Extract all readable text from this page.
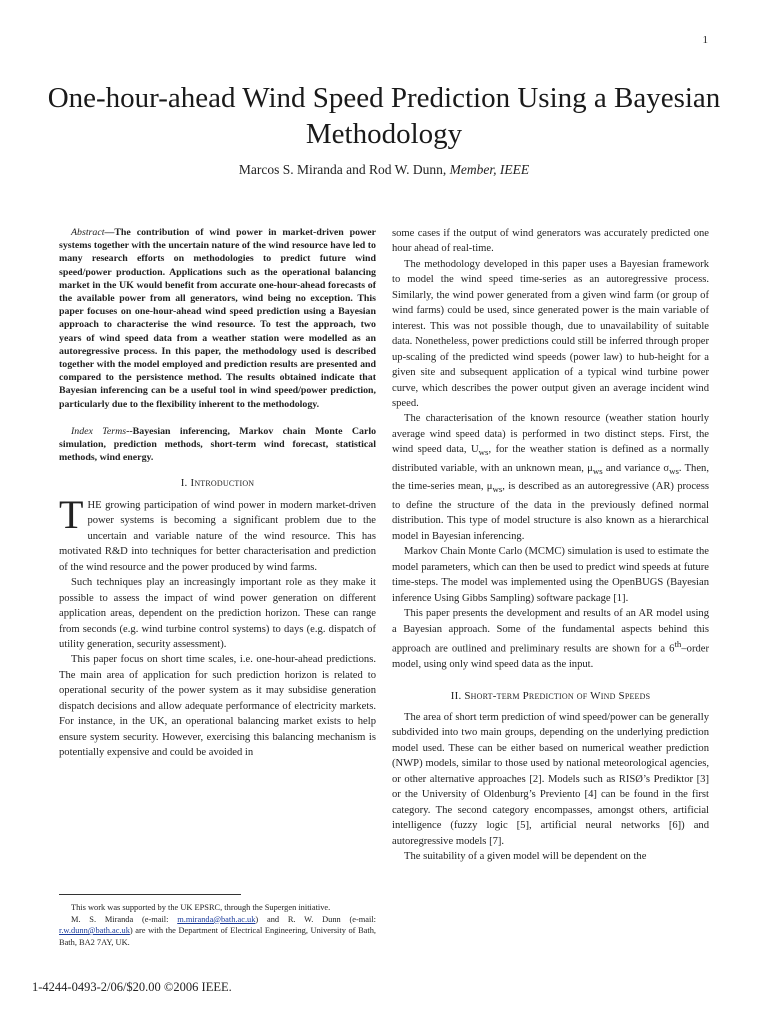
1
One-hour-ahead Wind Speed Prediction Using a Bayesian Methodology
Marcos S. Miranda and Rod W. Dunn, Member, IEEE

Abstract—The contribution of wind power in market-driven power systems together with the uncertain nature of the wind resource have led to many research efforts on methodologies to predict future wind speed/power production. Applications such as the operational balancing market in the UK would benefit from accurate one-hour-ahead forecasts of the available power from all generators, wind being no exception. This paper focuses on one-hour-ahead wind speed prediction using a Bayesian approach to characterise the wind resource. To test the approach, two years of wind speed data from a weather station were modelled as an autoregressive process. In this paper, the methodology used is described together with the model employed and prediction results are presented and compared to the persistence method. The results obtained indicate that Bayesian inferencing can be a useful tool in wind speed/power prediction, particularly due to the flexibility inherent to the methodology.

Index Terms--Bayesian inferencing, Markov chain Monte Carlo simulation, prediction methods, short-term wind forecast, statistical methods, wind energy.

I. Introduction

THE growing participation of wind power in modern market-driven power systems is becoming a significant problem due to the uncertain and variable nature of the wind resource. This has motivated R&D into techniques for better characterisation and prediction of the wind resource and the power produced by wind farms.

Such techniques play an increasingly important role as they make it possible to assess the impact of wind power generation on different application areas, dependent on the prediction horizon. These can range from seconds (e.g. wind turbine control systems) to days (e.g. dispatch of utility generation, security assessment).

This paper focus on short time scales, i.e. one-hour-ahead predictions. The main area of application for such prediction horizon is related to operational security of the power system as it may subsidise generation dispatch decisions and allow adequate performance of electricity markets. For instance, in the UK, an operational balancing market exists to help ensure system security. However, exercising this balancing mechanism is potentially expensive and could be avoided in

This work was supported by the UK EPSRC, through the Supergen initiative.

M. S. Miranda (e-mail: m.miranda@bath.ac.uk) and R. W. Dunn (e-mail: r.w.dunn@bath.ac.uk) are with the Department of Electrical Engineering, University of Bath, Bath, BA2 7AY, UK.

1-4244-0493-2/06/$20.00 ©2006 IEEE.

some cases if the output of wind generators was accurately predicted one hour ahead of real-time.

The methodology developed in this paper uses a Bayesian framework to model the wind speed time-series as an autoregressive process. Similarly, the wind power generated from a given wind farm (or group of wind farms) could be used, since generated power is the main variable of interest. This was not possible though, due to unavailability of suitable data. Nonetheless, power predictions could still be inferred through proper up-scaling of the predicted wind speeds (power law) to hub-height for a given site and subsequent application of a typical wind turbine power curve, which describes the power output given an average incident wind speed.

The characterisation of the known resource (weather station hourly average wind speed data) is performed in two distinct steps. First, the wind speed data, $U_{ws}$, for the weather station is defined as a normally distributed variable, with an unknown mean, $\mu_{ws}$ and variance $\sigma_{ws}$. Then, the time-series mean, $\mu_{ws}$, is described as an autoregressive (AR) process to define the structure of the data in the previously defined normal distribution. This type of model structure is also known as a hierarchical model in Bayesian inferencing.

Markov Chain Monte Carlo (MCMC) simulation is used to estimate the model parameters, which can then be used to predict wind speeds at future time-steps. The model was implemented using the OpenBUGS (Bayesian inference Using Gibbs Sampling) software package [1].

This paper presents the development and results of an AR model using a Bayesian approach. Some of the fundamental aspects behind this approach are outlined and preliminary results are shown for a 6th–order model, using only wind speed data as the input.

II. Short-term Prediction of Wind Speeds

The area of short term prediction of wind speed/power can be generally subdivided into two main groups, depending on the underlying prediction model used. These can be either based on numerical weather prediction (NWP) models, similar to those used by national meteorological agencies, or other alternative approaches [2]. Models such as RISØ’s Prediktor [3] or the University of Oldenburg’s Previento [4] can be found in the first category. The second category encompasses, amongst others, artificial intelligence (fuzzy logic [5], artificial neural networks [6]) and autoregressive models [7].

The suitability of a given model will be dependent on the
